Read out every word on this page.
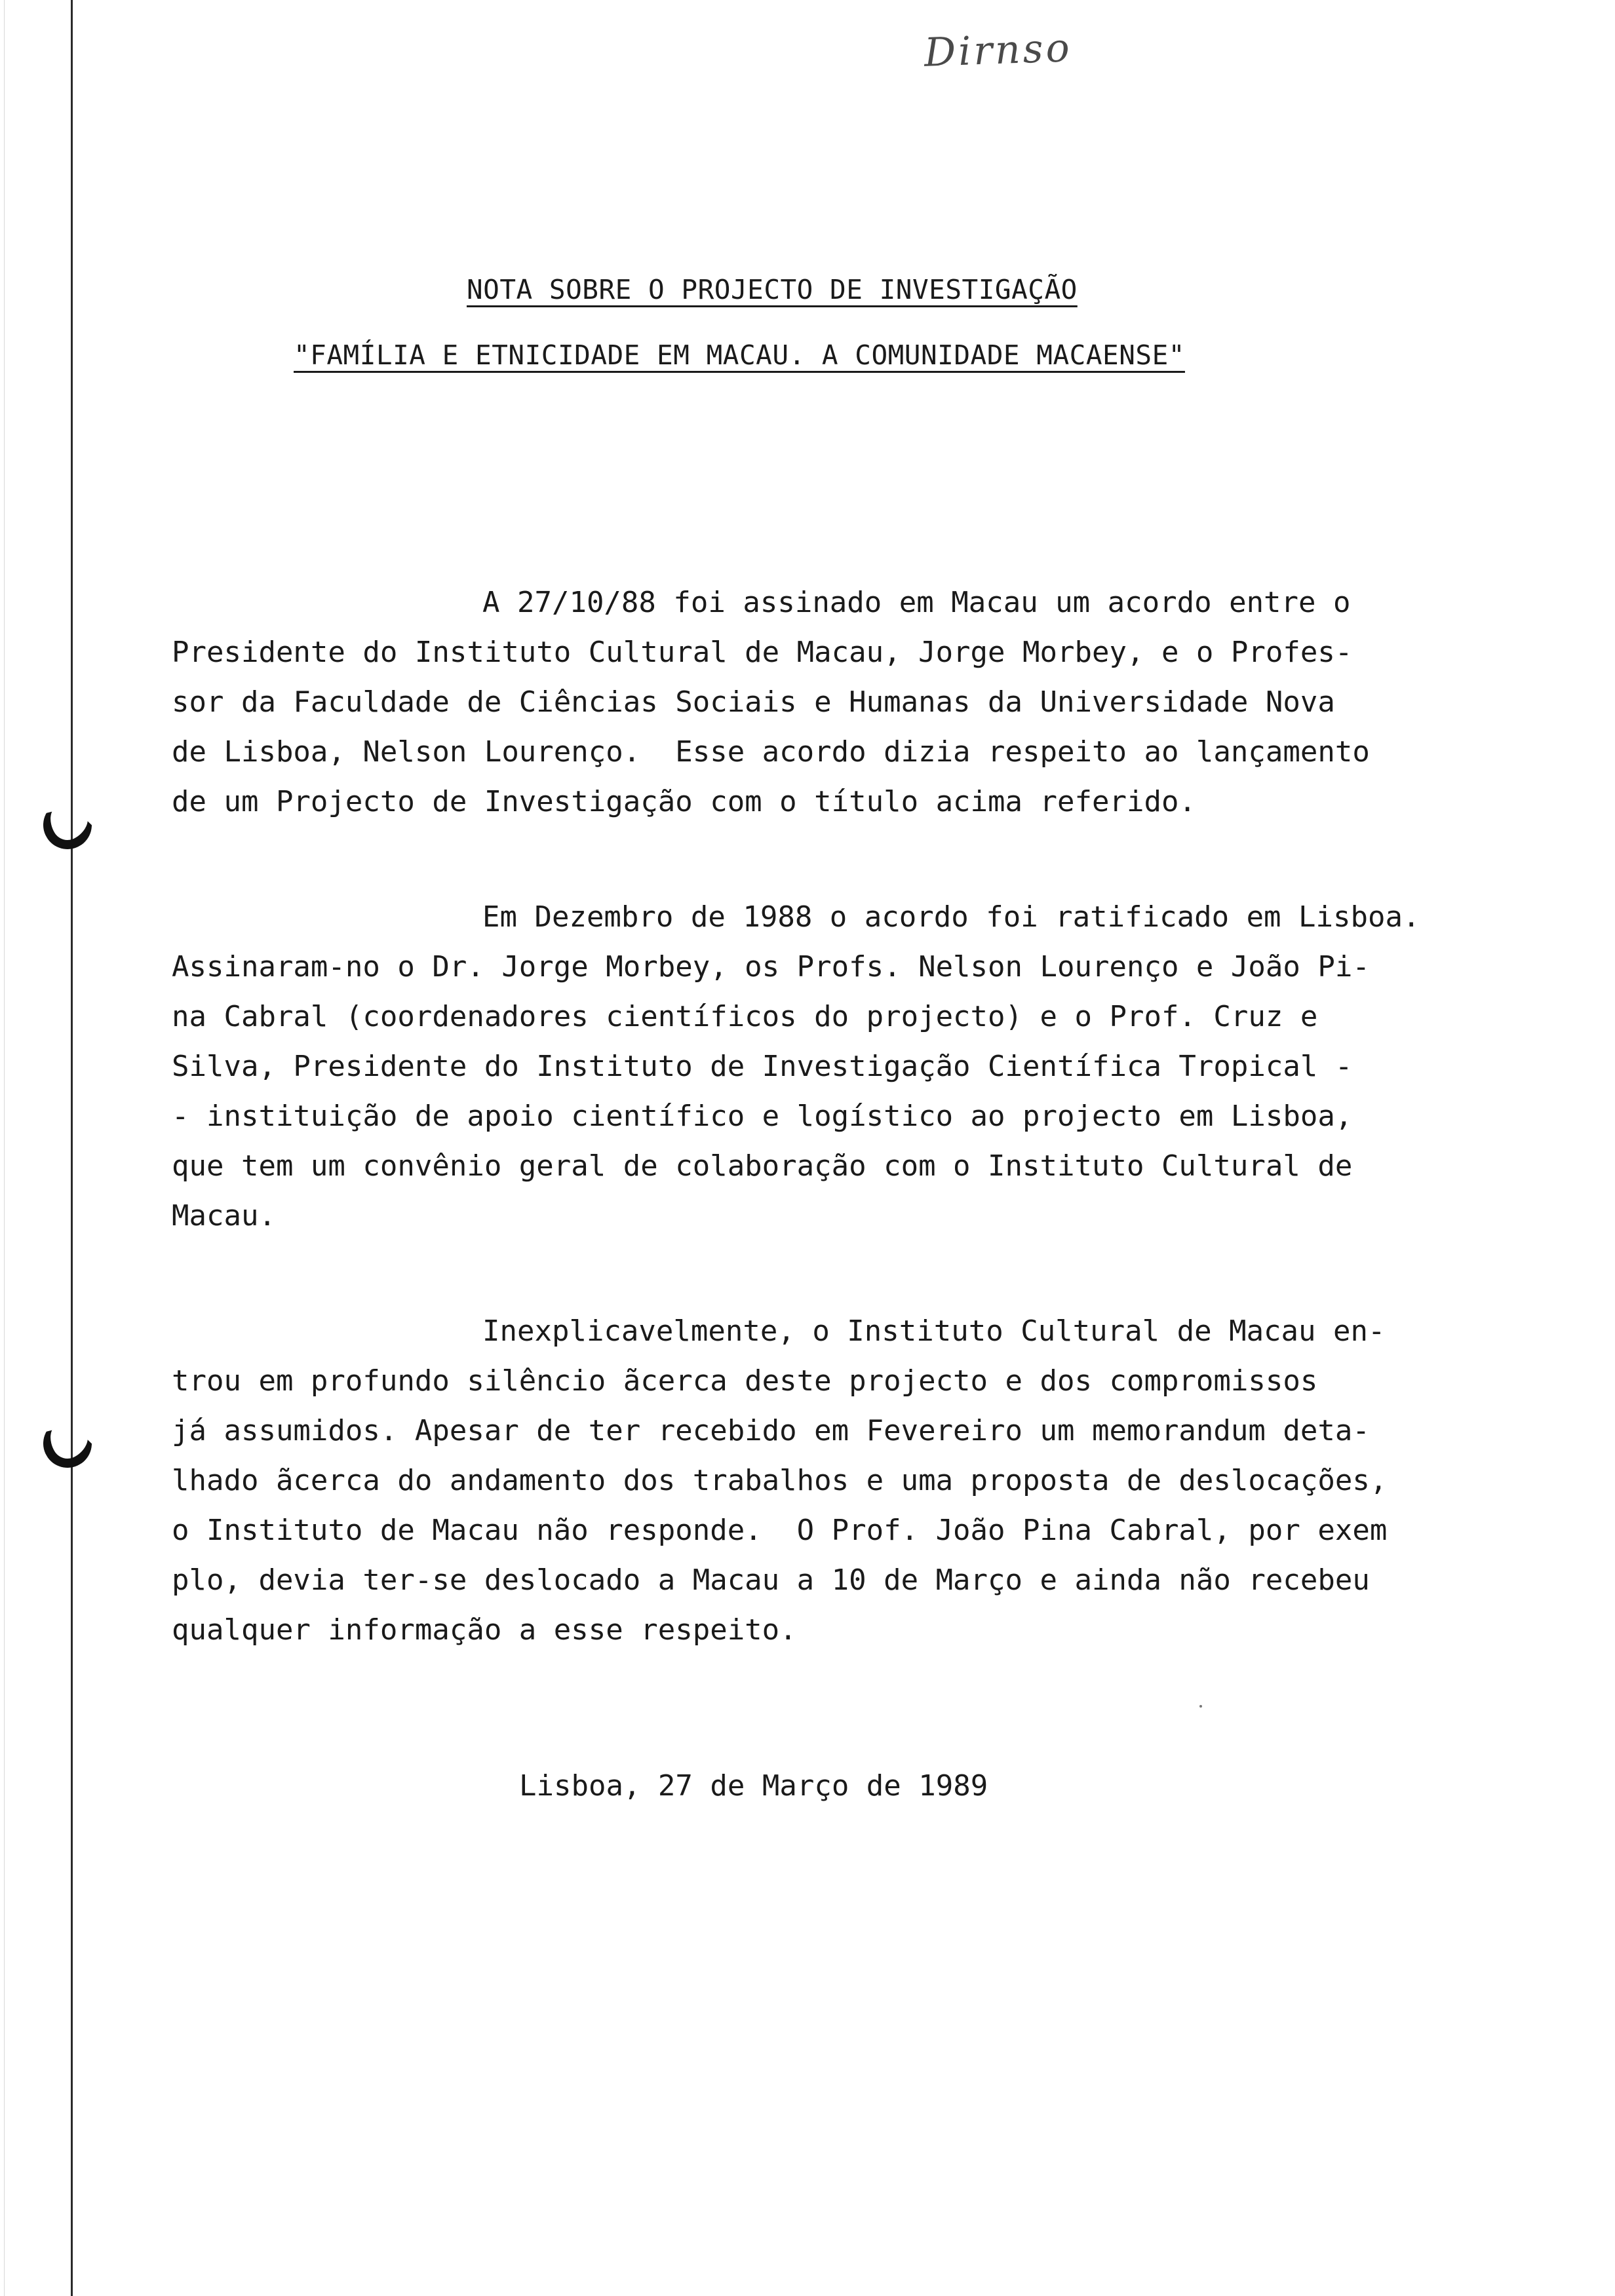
Dirnso
NOTA SOBRE O PROJECTO DE INVESTIGAÇÃO
"FAMÍLIA E ETNICIDADE EM MACAU. A COMUNIDADE MACAENSE"
A 27/10/88 foi assinado em Macau um acordo entre o
Presidente do Instituto Cultural de Macau, Jorge Morbey, e o Profes-
sor da Faculdade de Ciências Sociais e Humanas da Universidade Nova
de Lisboa, Nelson Lourenço.  Esse acordo dizia respeito ao lançamento
de um Projecto de Investigação com o título acima referido.
Em Dezembro de 1988 o acordo foi ratificado em Lisboa.
Assinaram-no o Dr. Jorge Morbey, os Profs. Nelson Lourenço e João Pi-
na Cabral (coordenadores científicos do projecto) e o Prof. Cruz e
Silva, Presidente do Instituto de Investigação Científica Tropical -
- instituição de apoio científico e logístico ao projecto em Lisboa,
que tem um convênio geral de colaboração com o Instituto Cultural de
Macau.
Inexplicavelmente, o Instituto Cultural de Macau en-
trou em profundo silêncio ãcerca deste projecto e dos compromissos
já assumidos. Apesar de ter recebido em Fevereiro um memorandum deta-
lhado ãcerca do andamento dos trabalhos e uma proposta de deslocações,
o Instituto de Macau não responde.  O Prof. João Pina Cabral, por exem
plo, devia ter-se deslocado a Macau a 10 de Março e ainda não recebeu
qualquer informação a esse respeito.
Lisboa, 27 de Março de 1989
